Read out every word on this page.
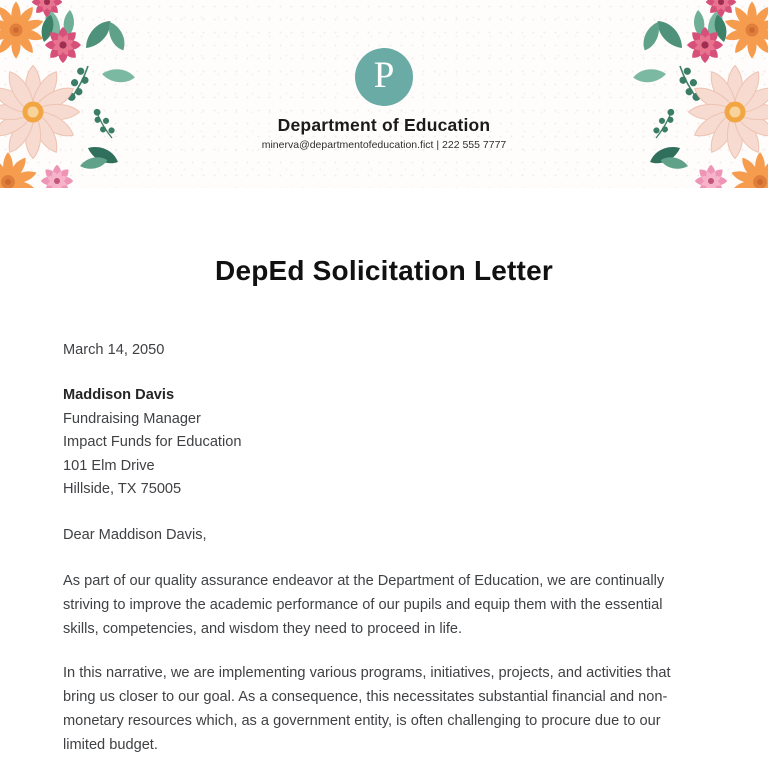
P
Department of Education
minerva@departmentofeducation.fict | 222 555 7777
DepEd Solicitation Letter

March 14, 2050

Maddison Davis
Fundraising Manager
Impact Funds for Education
101 Elm Drive
Hillside, TX 75005

Dear Maddison Davis,

As part of our quality assurance endeavor at the Department of Education, we are continually striving to improve the academic performance of our pupils and equip them with the essential skills, competencies, and wisdom they need to proceed in life.

In this narrative, we are implementing various programs, initiatives, projects, and activities that bring us closer to our goal. As a consequence, this necessitates substantial financial and non-monetary resources which, as a government entity, is often challenging to procure due to our limited budget.
